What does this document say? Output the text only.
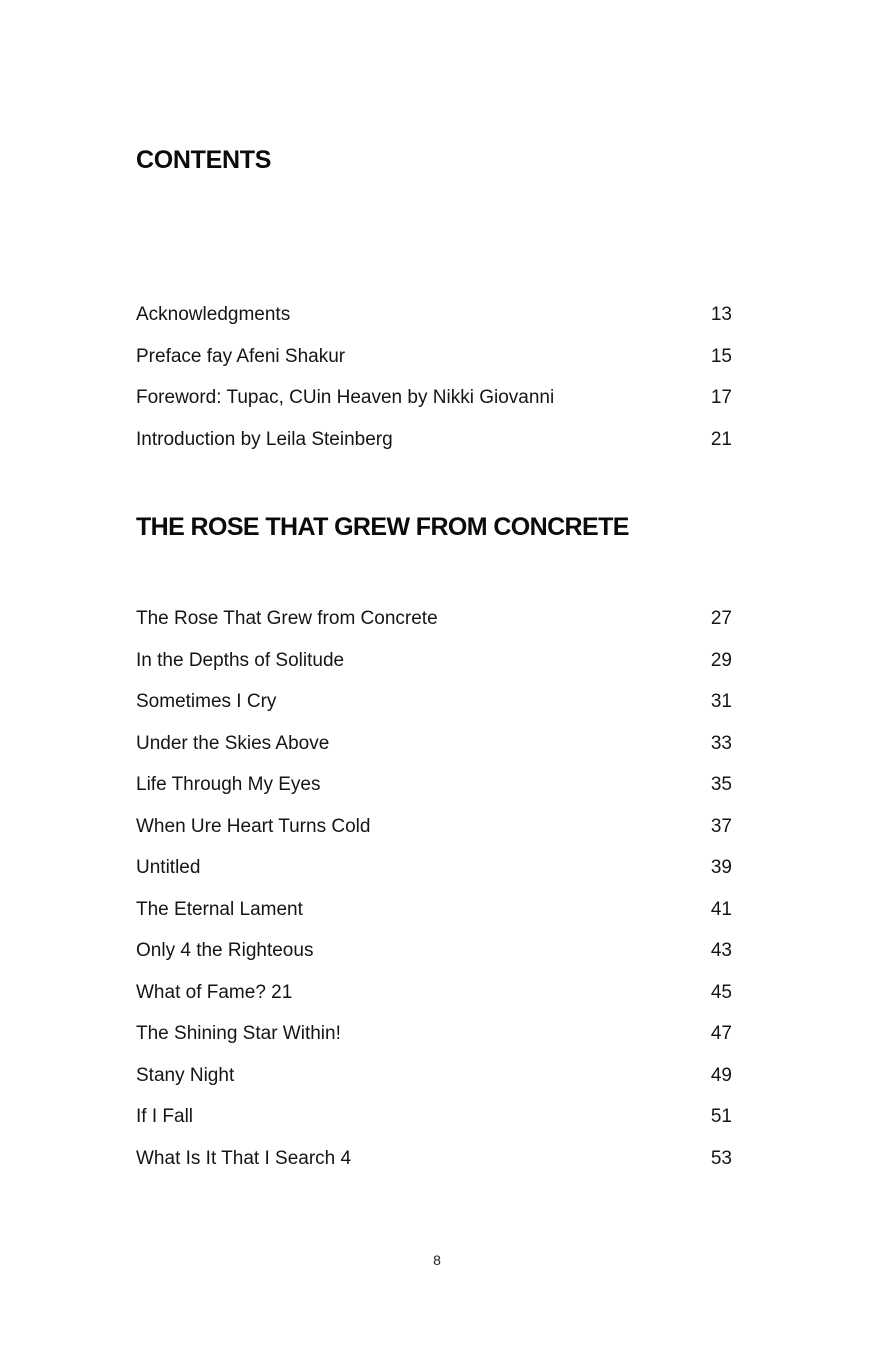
CONTENTS
Acknowledgments	13
Preface fay Afeni Shakur	15
Foreword: Tupac, CUin Heaven by Nikki Giovanni	17
Introduction by Leila Steinberg	21
THE ROSE THAT GREW FROM CONCRETE
The Rose That Grew from Concrete	27
In the Depths of Solitude	29
Sometimes I Cry	31
Under the Skies Above	33
Life Through My Eyes	35
When Ure Heart Turns Cold	37
Untitled	39
The Eternal Lament	41
Only 4 the Righteous	43
What of Fame? 21	45
The Shining Star Within!	47
Stany Night	49
If I Fall	51
What Is It That I Search 4	53
8
